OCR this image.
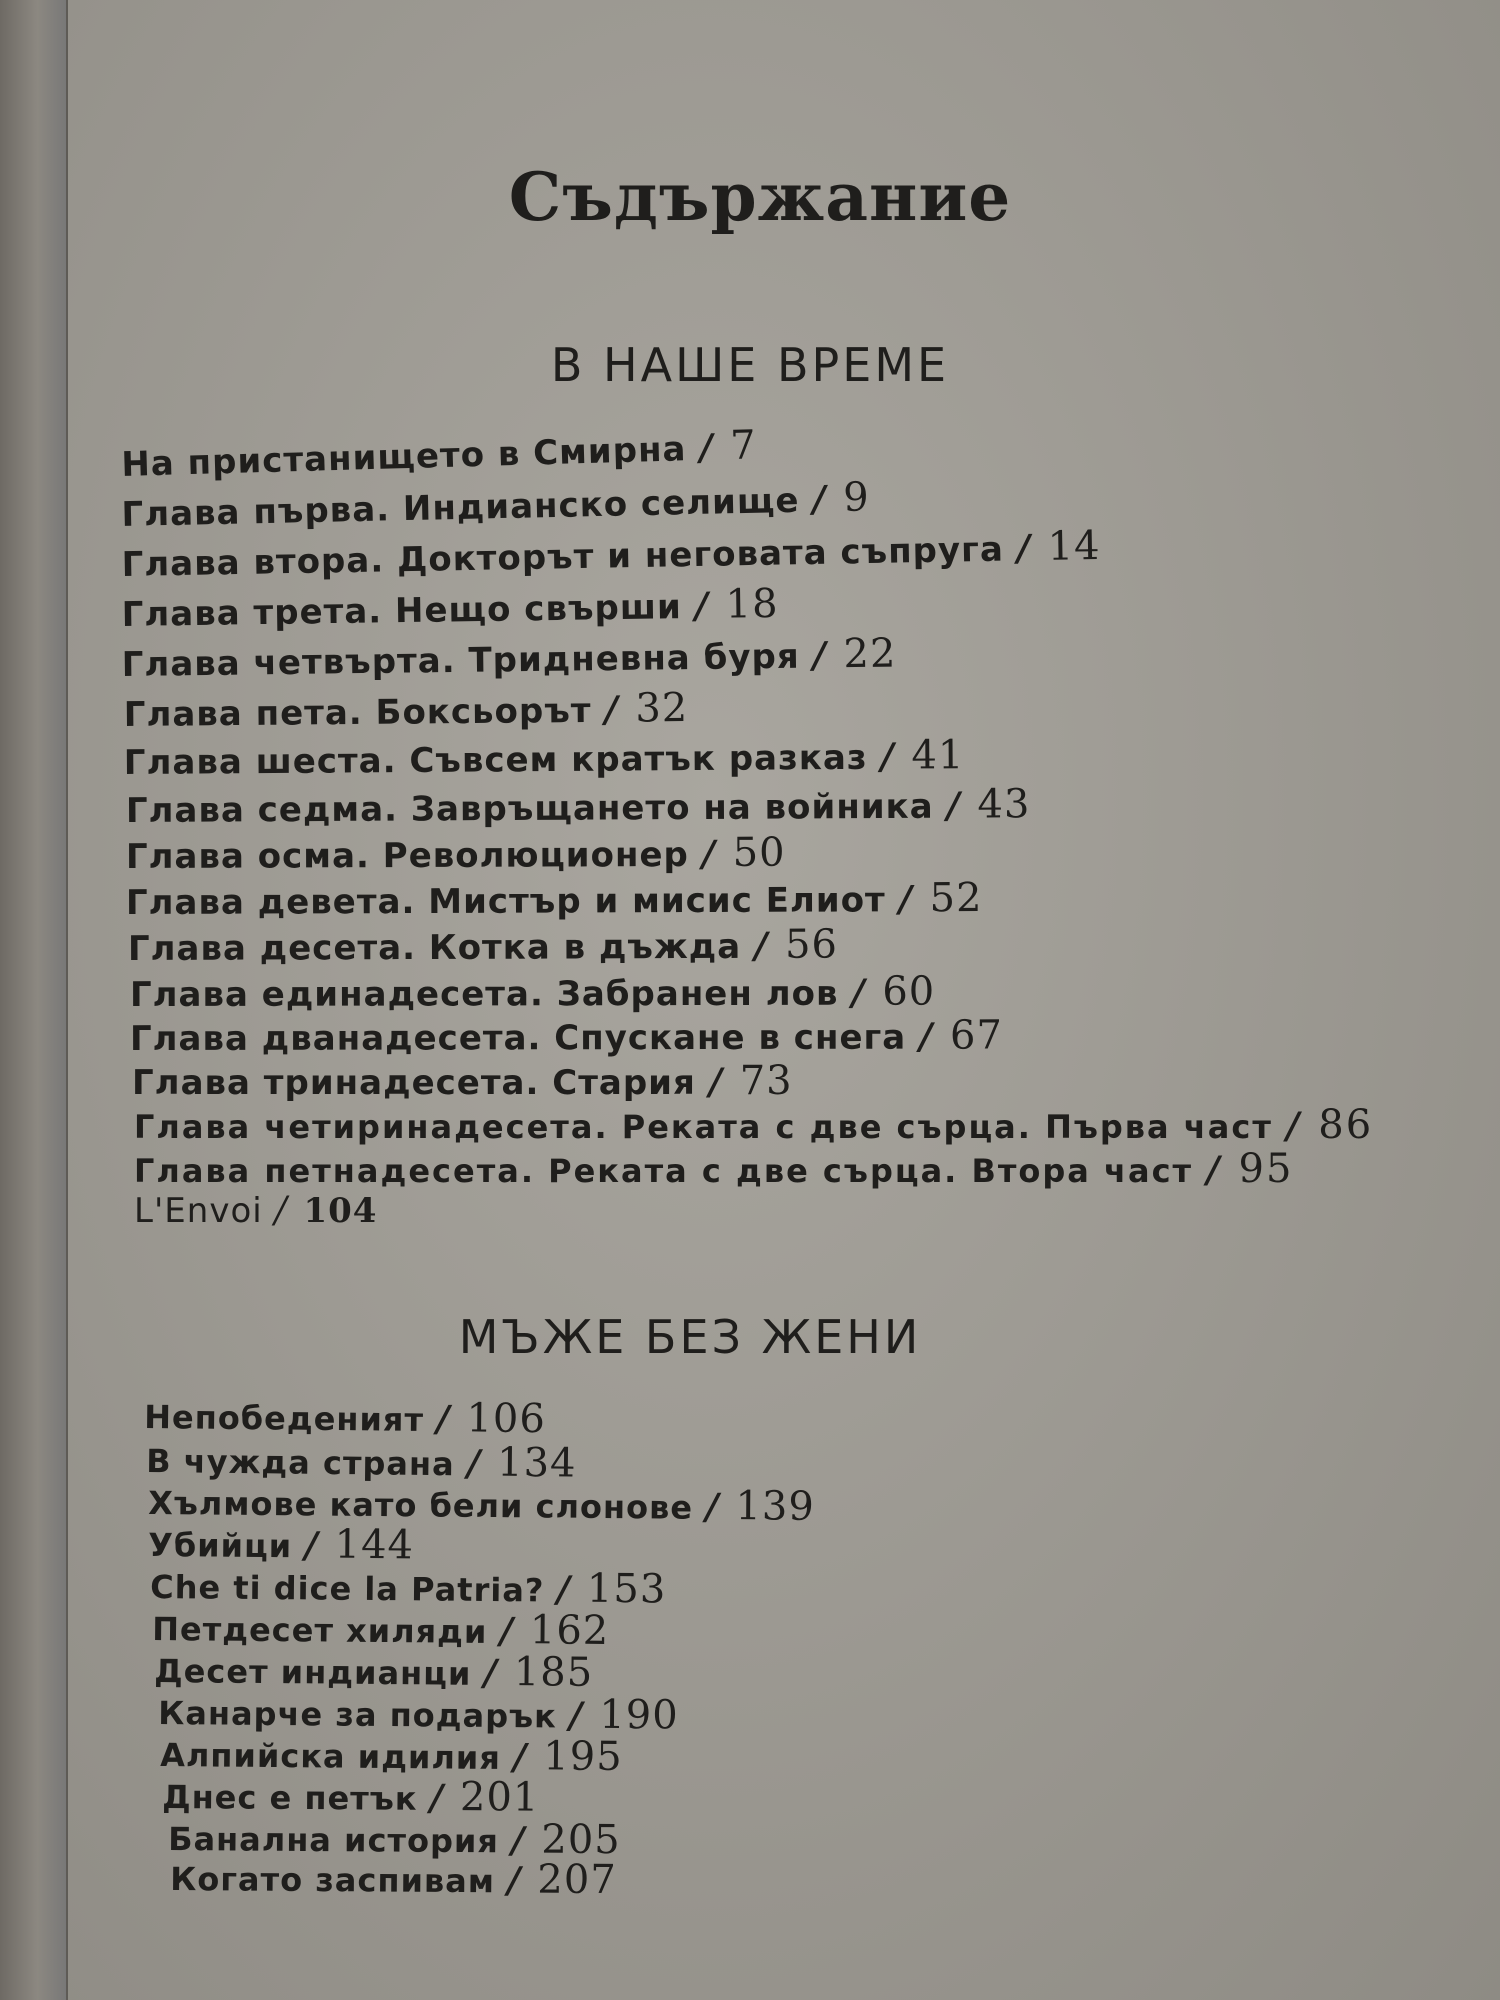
Съдържание
В НАШЕ ВРЕМЕ
На пристанището в Смирна / 7
Глава първа. Индианско селище / 9
Глава втора. Докторът и неговата съпруга / 14
Глава трета. Нещо свърши / 18
Глава четвърта. Тридневна буря / 22
Глава пета. Боксьорът / 32
Глава шеста. Съвсем кратък разказ / 41
Глава седма. Завръщането на войника / 43
Глава осма. Революционер / 50
Глава девета. Мистър и мисис Елиот / 52
Глава десета. Котка в дъжда / 56
Глава единадесета. Забранен лов / 60
Глава дванадесета. Спускане в снега / 67
Глава тринадесета. Стария / 73
Глава четиринадесета. Реката с две сърца. Първа част / 86
Глава петнадесета. Реката с две сърца. Втора част / 95
L'Envoi / 104
МЪЖЕ БЕЗ ЖЕНИ
Непобеденият / 106
В чужда страна / 134
Хълмове като бели слонове / 139
Убийци / 144
Che ti dice la Patria? / 153
Петдесет хиляди / 162
Десет индианци / 185
Канарче за подарък / 190
Алпийска идилия / 195
Днес е петък / 201
Банална история / 205
Когато заспивам / 207
